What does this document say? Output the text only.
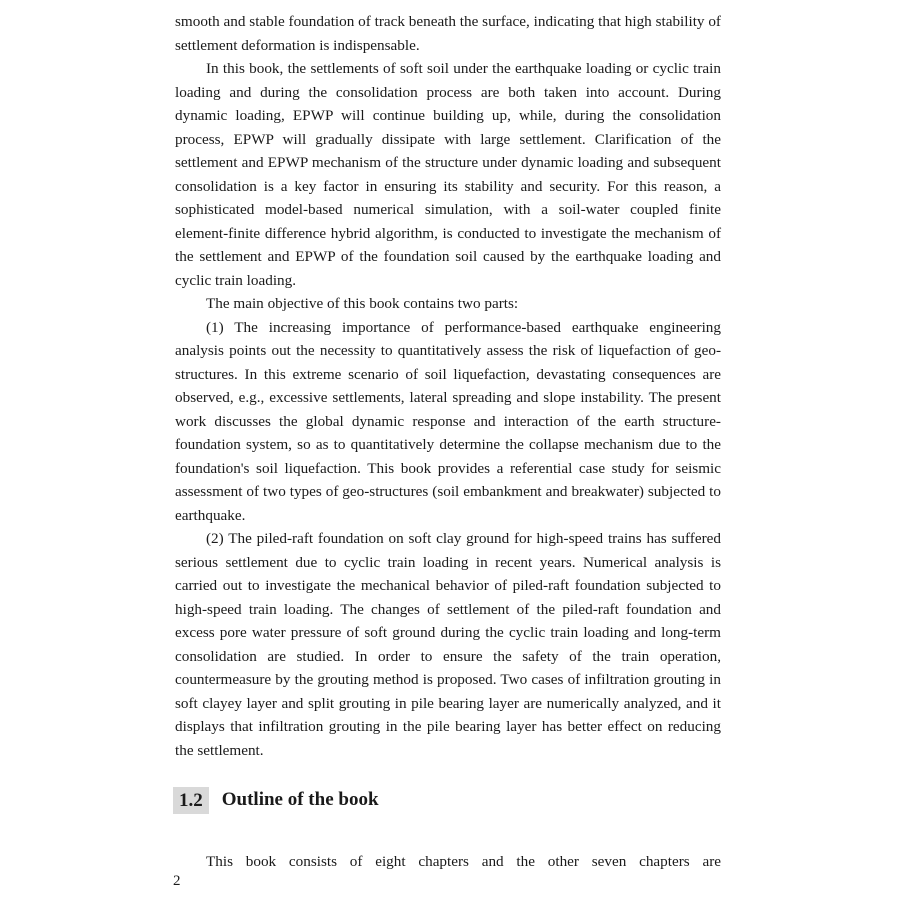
smooth and stable foundation of track beneath the surface, indicating that high stability of settlement deformation is indispensable.

In this book, the settlements of soft soil under the earthquake loading or cyclic train loading and during the consolidation process are both taken into account. During dynamic loading, EPWP will continue building up, while, during the consolidation process, EPWP will gradually dissipate with large settlement. Clarification of the settlement and EPWP mechanism of the structure under dynamic loading and subsequent consolidation is a key factor in ensuring its stability and security. For this reason, a sophisticated model-based numerical simulation, with a soil-water coupled finite element-finite difference hybrid algorithm, is conducted to investigate the mechanism of the settlement and EPWP of the foundation soil caused by the earthquake loading and cyclic train loading.

The main objective of this book contains two parts:

(1) The increasing importance of performance-based earthquake engineering analysis points out the necessity to quantitatively assess the risk of liquefaction of geo-structures. In this extreme scenario of soil liquefaction, devastating consequences are observed, e.g., excessive settlements, lateral spreading and slope instability. The present work discusses the global dynamic response and interaction of the earth structure-foundation system, so as to quantitatively determine the collapse mechanism due to the foundation's soil liquefaction. This book provides a referential case study for seismic assessment of two types of geo-structures (soil embankment and breakwater) subjected to earthquake.

(2) The piled-raft foundation on soft clay ground for high-speed trains has suffered serious settlement due to cyclic train loading in recent years. Numerical analysis is carried out to investigate the mechanical behavior of piled-raft foundation subjected to high-speed train loading. The changes of settlement of the piled-raft foundation and excess pore water pressure of soft ground during the cyclic train loading and long-term consolidation are studied. In order to ensure the safety of the train operation, countermeasure by the grouting method is proposed. Two cases of infiltration grouting in soft clayey layer and split grouting in pile bearing layer are numerically analyzed, and it displays that infiltration grouting in the pile bearing layer has better effect on reducing the settlement.

1.2	Outline of the book

This book consists of eight chapters and the other seven chapters are

2
